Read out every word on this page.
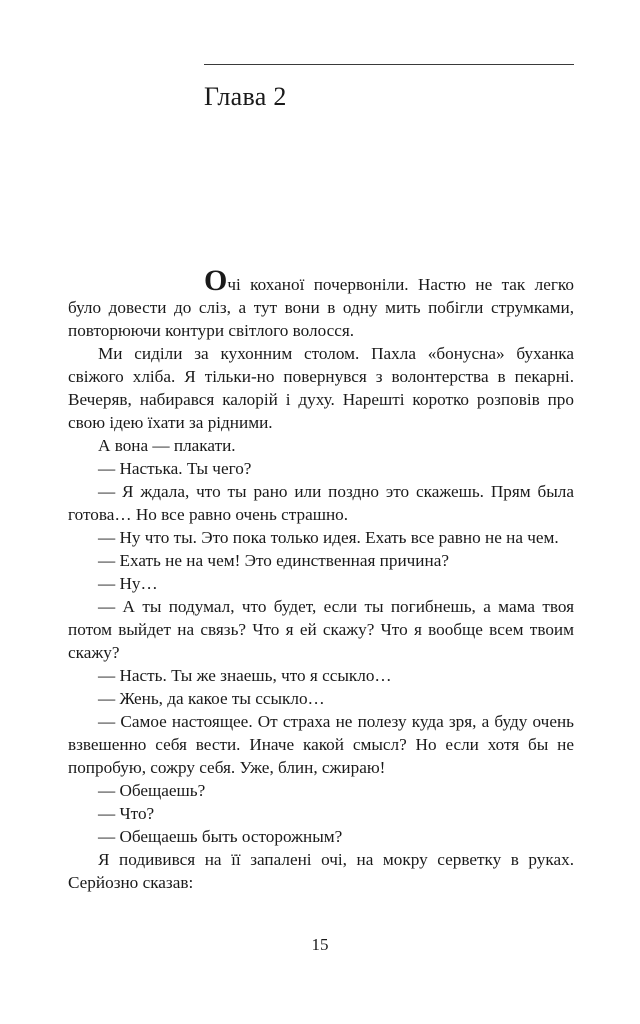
Глава 2

Очі коханої почервоніли. Настю не так легко було довести до сліз, а тут вони в одну мить побігли струмками, повторюючи контури світлого волосся.

Ми сиділи за кухонним столом. Пахла «бонусна» буханка свіжого хліба. Я тільки-но повернувся з волонтерства в пекарні. Вечеряв, набирався калорій і духу. Нарешті коротко розповів про свою ідею їхати за рідними.

А вона — плакати.

— Настька. Ты чего?

— Я ждала, что ты рано или поздно это скажешь. Прям была готова… Но все равно очень страшно.

— Ну что ты. Это пока только идея. Ехать все равно не на чем.

— Ехать не на чем! Это единственная причина?

— Ну…

— А ты подумал, что будет, если ты погибнешь, а мама твоя потом выйдет на связь? Что я ей скажу? Что я вообще всем твоим скажу?

— Насть. Ты же знаешь, что я ссыкло…

— Жень, да какое ты ссыкло…

— Самое настоящее. От страха не полезу куда зря, а буду очень взвешенно себя вести. Иначе какой смысл? Но если хотя бы не попробую, сожру себя. Уже, блин, сжираю!

— Обещаешь?

— Что?

— Обещаешь быть осторожным?

Я подивився на її запалені очі, на мокру серветку в руках. Серйозно сказав:

15
